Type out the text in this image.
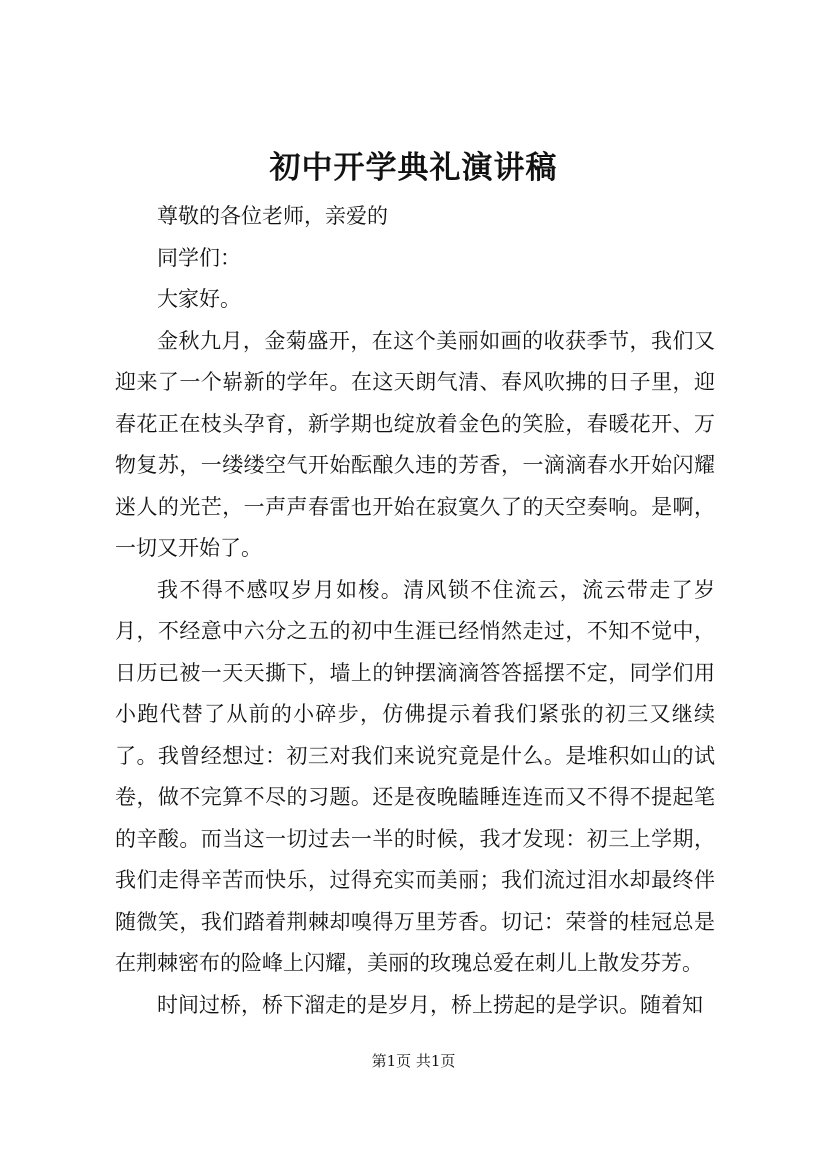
初中开学典礼演讲稿

尊敬的各位老师，亲爱的

同学们：

大家好。

金秋九月，金菊盛开，在这个美丽如画的收获季节，我们又迎来了一个崭新的学年。在这天朗气清、春风吹拂的日子里，迎春花正在枝头孕育，新学期也绽放着金色的笑脸，春暖花开、万物复苏，一缕缕空气开始酝酿久违的芳香，一滴滴春水开始闪耀迷人的光芒，一声声春雷也开始在寂寞久了的天空奏响。是啊，一切又开始了。

我不得不感叹岁月如梭。清风锁不住流云，流云带走了岁月，不经意中六分之五的初中生涯已经悄然走过，不知不觉中，日历已被一天天撕下，墙上的钟摆滴滴答答摇摆不定，同学们用小跑代替了从前的小碎步，仿佛提示着我们紧张的初三又继续了。我曾经想过：初三对我们来说究竟是什么。是堆积如山的试卷，做不完算不尽的习题。还是夜晚瞌睡连连而又不得不提起笔的辛酸。而当这一切过去一半的时候，我才发现：初三上学期，我们走得辛苦而快乐，过得充实而美丽；我们流过泪水却最终伴随微笑，我们踏着荆棘却嗅得万里芳香。切记：荣誉的桂冠总是在荆棘密布的险峰上闪耀，美丽的玫瑰总爱在刺儿上散发芬芳。

时间过桥，桥下溜走的是岁月，桥上捞起的是学识。随着知

第1页 共1页
